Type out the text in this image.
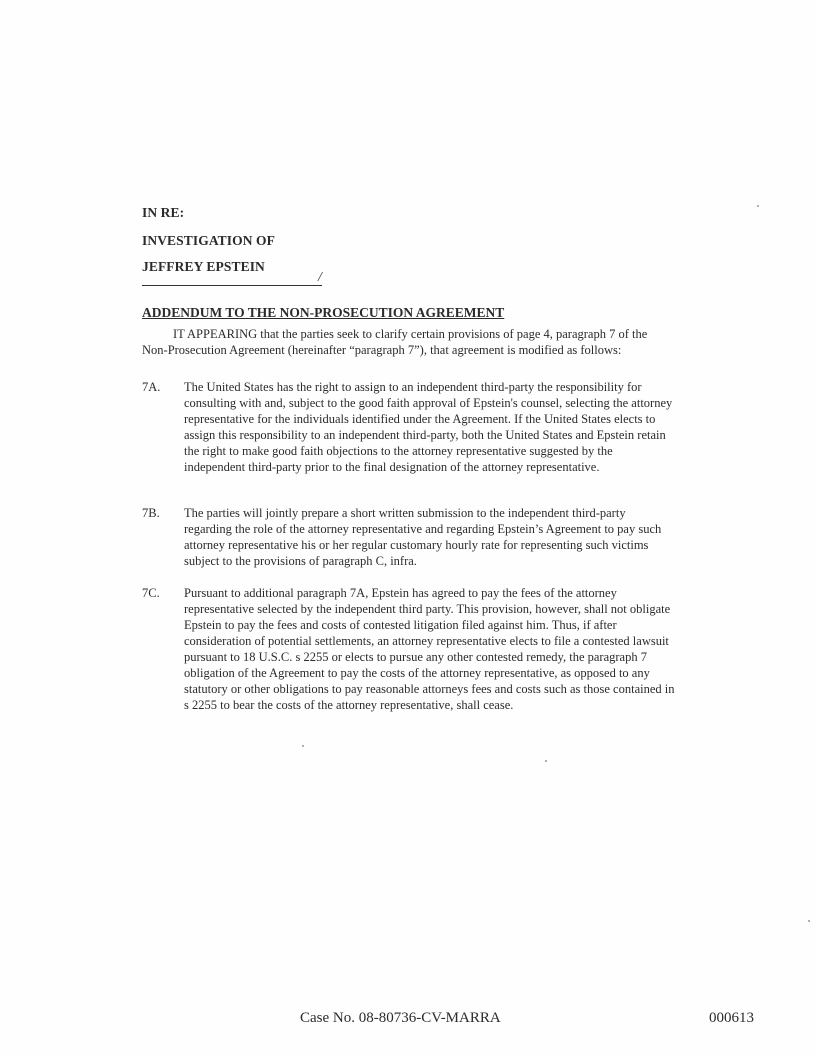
IN RE:
INVESTIGATION OF
JEFFREY EPSTEIN
/
ADDENDUM TO THE NON-PROSECUTION AGREEMENT

IT APPEARING that the parties seek to clarify certain provisions of page 4, paragraph 7 of the Non-Prosecution Agreement (hereinafter “paragraph 7”), that agreement is modified as follows:

7A.	The United States has the right to assign to an independent third-party the responsibility for consulting with and, subject to the good faith approval of Epstein's counsel, selecting the attorney representative for the individuals identified under the Agreement. If the United States elects to assign this responsibility to an independent third-party, both the United States and Epstein retain the right to make good faith objections to the attorney representative suggested by the independent third-party prior to the final designation of the attorney representative.
7B.	The parties will jointly prepare a short written submission to the independent third-party regarding the role of the attorney representative and regarding Epstein’s Agreement to pay such attorney representative his or her regular customary hourly rate for representing such victims subject to the provisions of paragraph C, infra.
7C.	Pursuant to additional paragraph 7A, Epstein has agreed to pay the fees of the attorney representative selected by the independent third party. This provision, however, shall not obligate Epstein to pay the fees and costs of contested litigation filed against him. Thus, if after consideration of potential settlements, an attorney representative elects to file a contested lawsuit pursuant to 18 U.S.C. s 2255 or elects to pursue any other contested remedy, the paragraph 7 obligation of the Agreement to pay the costs of the attorney representative, as opposed to any statutory or other obligations to pay reasonable attorneys fees and costs such as those contained in s 2255 to bear the costs of the attorney representative, shall cease.
Case No. 08-80736-CV-MARRA	000613
